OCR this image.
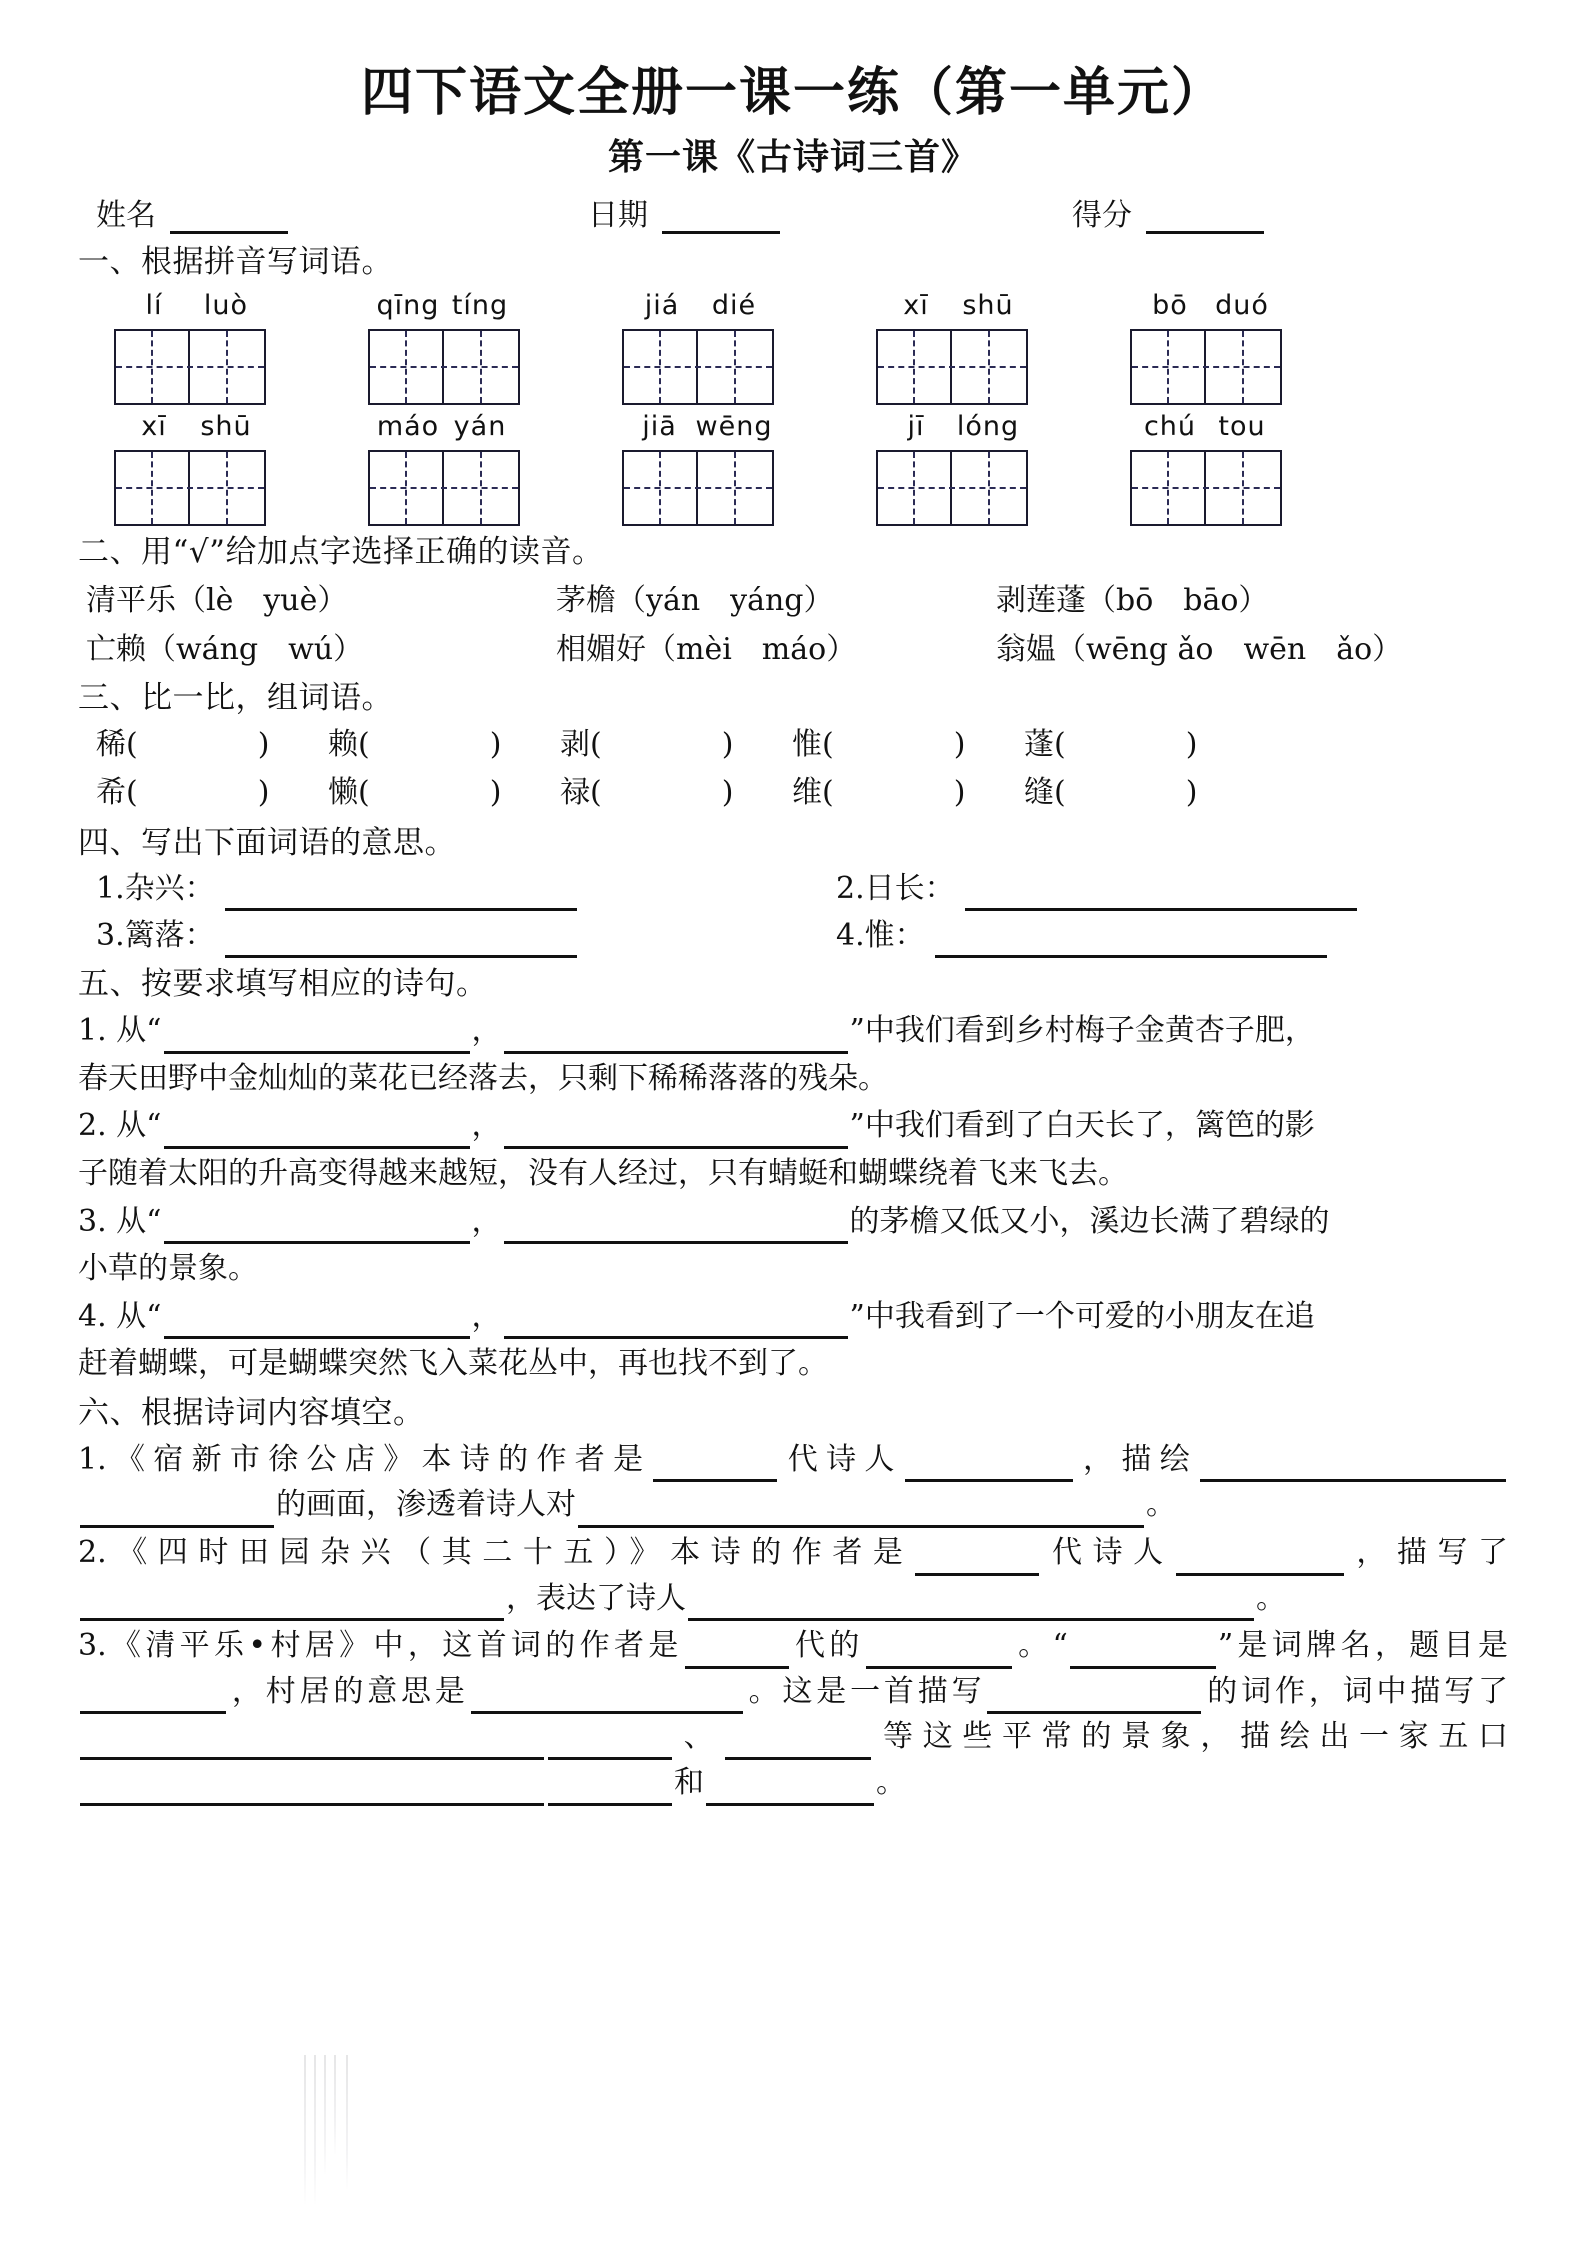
四下语文全册一课一练（第一单元）
第一课《古诗词三首》
姓名	日期	得分
一、根据拼音写词语。
lí luò	qīng tíng	jiá dié	xī shū	bō duó
xī shū	máo yán	jiā wēng	jī lóng	chú tou
二、用“√”给加点字选择正确的读音。
清平乐（lè　yuè）	茅檐（yán　yáng）	剥莲蓬（bō　bāo）
亡赖（wáng　wú）	相媚好（mèi　máo）	翁媪（wēng ǎo　wēn　ǎo）
三、比一比，组词语。
稀(	)	赖(	)	剥(	)	惟(	)	蓬(	)
希(	)	懒(	)	禄(	)	维(	)	缝(	)
四、写出下面词语的意思。
1. 杂兴：	2. 日长：
3. 篱落：	4. 惟：
五、按要求填写相应的诗句。
1. 从“	，	”中我们看到乡村梅子金黄杏子肥，
春天田野中金灿灿的菜花已经落去，只剩下稀稀落落的残朵。
2. 从“	，	”中我们看到了白天长了，篱笆的影
子随着太阳的升高变得越来越短，没有人经过，只有蜻蜓和蝴蝶绕着飞来飞去。
3. 从“	，	的茅檐又低又小，溪边长满了碧绿的
小草的景象。
4. 从“	，	”中我看到了一个可爱的小朋友在追
赶着蝴蝶，可是蝴蝶突然飞入菜花丛中，再也找不到了。
六、根据诗词内容填空。
1.《宿新市徐公店》本诗的作者是	代诗人	，描绘的画面，渗透着诗人对	。
2.《四时田园杂兴（其二十五）》本诗的作者是	代诗人	，描写了，表达了诗人	。
3.《清平乐•村居》中，这首词的作者是	代的	。“	”是词牌名，题目是，村居的意思是	。这是一首描写	的词作，词中描写了、	等这些平常的景象，描绘出一家五口和	。
